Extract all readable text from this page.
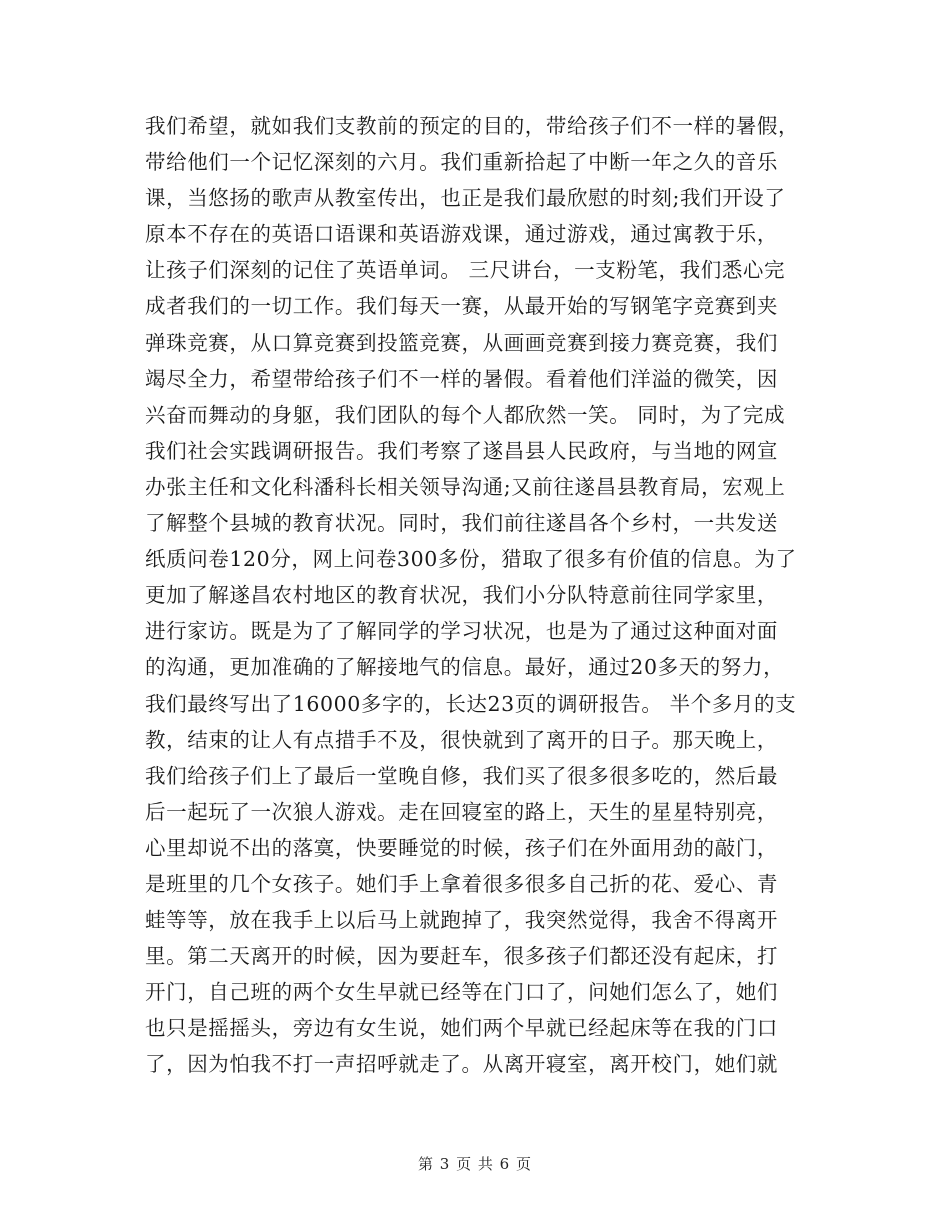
我们希望，就如我们支教前的预定的目的，带给孩子们不一样的暑假，
带给他们一个记忆深刻的六月。我们重新拾起了中断一年之久的音乐
课，当悠扬的歌声从教室传出，也正是我们最欣慰的时刻;我们开设了
原本不存在的英语口语课和英语游戏课，通过游戏，通过寓教于乐，
让孩子们深刻的记住了英语单词。 三尺讲台，一支粉笔，我们悉心完
成者我们的一切工作。我们每天一赛，从最开始的写钢笔字竞赛到夹
弹珠竞赛，从口算竞赛到投篮竞赛，从画画竞赛到接力赛竞赛，我们
竭尽全力，希望带给孩子们不一样的暑假。看着他们洋溢的微笑，因
兴奋而舞动的身躯，我们团队的每个人都欣然一笑。 同时，为了完成
我们社会实践调研报告。我们考察了遂昌县人民政府，与当地的网宣
办张主任和文化科潘科长相关领导沟通;又前往遂昌县教育局，宏观上
了解整个县城的教育状况。同时，我们前往遂昌各个乡村，一共发送
纸质问卷120分，网上问卷300多份，猎取了很多有价值的信息。为了
更加了解遂昌农村地区的教育状况，我们小分队特意前往同学家里，
进行家访。既是为了了解同学的学习状况，也是为了通过这种面对面
的沟通，更加准确的了解接地气的信息。最好，通过20多天的努力，
我们最终写出了16000多字的，长达23页的调研报告。 半个多月的支
教，结束的让人有点措手不及，很快就到了离开的日子。那天晚上，
我们给孩子们上了最后一堂晚自修，我们买了很多很多吃的，然后最
后一起玩了一次狼人游戏。走在回寝室的路上，天生的星星特别亮，
心里却说不出的落寞，快要睡觉的时候，孩子们在外面用劲的敲门，
是班里的几个女孩子。她们手上拿着很多很多自己折的花、爱心、青
蛙等等，放在我手上以后马上就跑掉了，我突然觉得，我舍不得离开
里。第二天离开的时候，因为要赶车，很多孩子们都还没有起床，打
开门，自己班的两个女生早就已经等在门口了，问她们怎么了，她们
也只是摇摇头，旁边有女生说，她们两个早就已经起床等在我的门口
了，因为怕我不打一声招呼就走了。从离开寝室，离开校门，她们就
第 3 页 共 6 页
